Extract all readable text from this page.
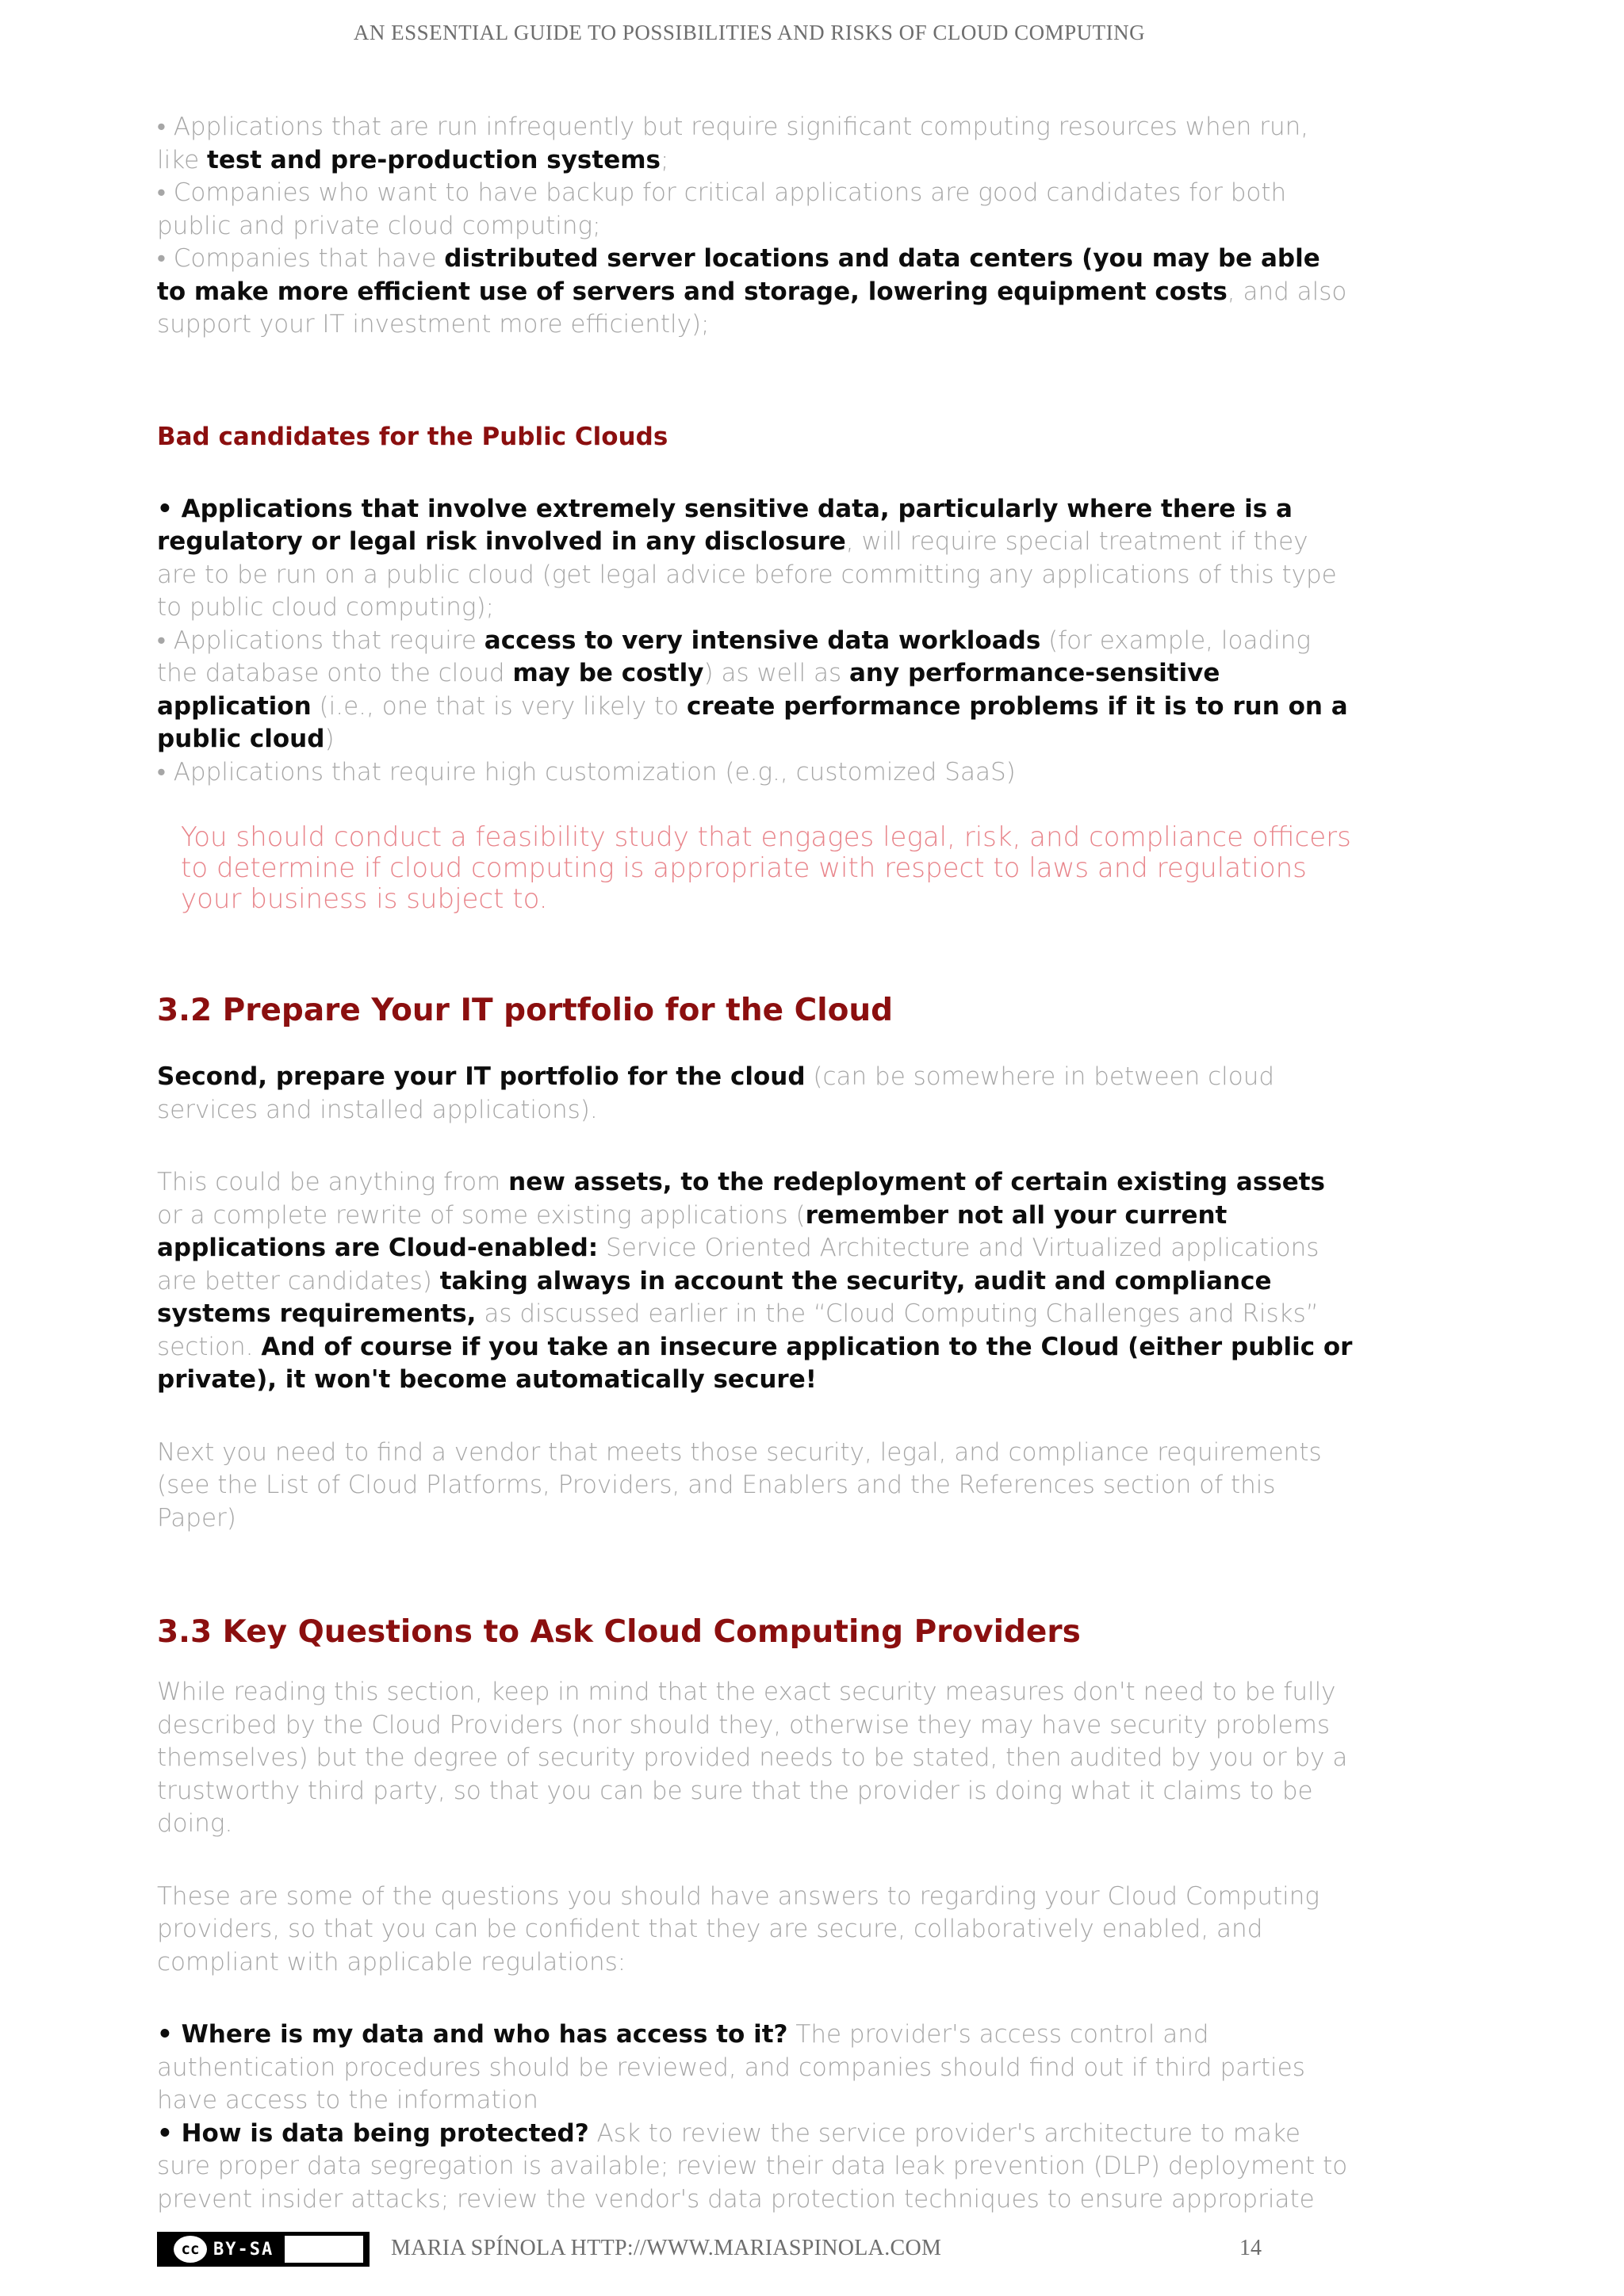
AN ESSENTIAL GUIDE TO POSSIBILITIES AND RISKS OF CLOUD COMPUTING

• Applications that are run infrequently but require significant computing resources when run, like test and pre-production systems;

• Companies who want to have backup for critical applications are good candidates for both public and private cloud computing;

• Companies that have distributed server locations and data centers (you may be able to make more efficient use of servers and storage, lowering equipment costs, and also support your IT investment more efficiently);

Bad candidates for the Public Clouds

• Applications that involve extremely sensitive data, particularly where there is a regulatory or legal risk involved in any disclosure, will require special treatment if they are to be run on a public cloud (get legal advice before committing any applications of this type to public cloud computing);

• Applications that require access to very intensive data workloads (for example, loading the database onto the cloud may be costly) as well as any performance-sensitive application (i.e., one that is very likely to create performance problems if it is to run on a public cloud)

• Applications that require high customization (e.g., customized SaaS)

You should conduct a feasibility study that engages legal, risk, and compliance officers to determine if cloud computing is appropriate with respect to laws and regulations your business is subject to.
3.2 Prepare Your IT portfolio for the Cloud

Second, prepare your IT portfolio for the cloud (can be somewhere in between cloud services and installed applications).

This could be anything from new assets, to the redeployment of certain existing assets or a complete rewrite of some existing applications (remember not all your current applications are Cloud-enabled: Service Oriented Architecture and Virtualized applications are better candidates) taking always in account the security, audit and compliance systems requirements, as discussed earlier in the “Cloud Computing Challenges and Risks” section. And of course if you take an insecure application to the Cloud (either public or private), it won't become automatically secure!

Next you need to find a vendor that meets those security, legal, and compliance requirements (see the List of Cloud Platforms, Providers, and Enablers and the References section of this Paper)

3.3 Key Questions to Ask Cloud Computing Providers

While reading this section, keep in mind that the exact security measures don't need to be fully described by the Cloud Providers (nor should they, otherwise they may have security problems themselves) but the degree of security provided needs to be stated, then audited by you or by a trustworthy third party, so that you can be sure that the provider is doing what it claims to be doing.

These are some of the questions you should have answers to regarding your Cloud Computing providers, so that you can be confident that they are secure, collaboratively enabled, and compliant with applicable regulations:

• Where is my data and who has access to it? The provider's access control and authentication procedures should be reviewed, and companies should find out if third parties have access to the information

• How is data being protected? Ask to review the service provider's architecture to make sure proper data segregation is available; review their data leak prevention (DLP) deployment to prevent insider attacks; review the vendor's data protection techniques to ensure appropriate

cc BY-SA	MARIA SPÍNOLA HTTP://WWW.MARIASPINOLA.COM	14
